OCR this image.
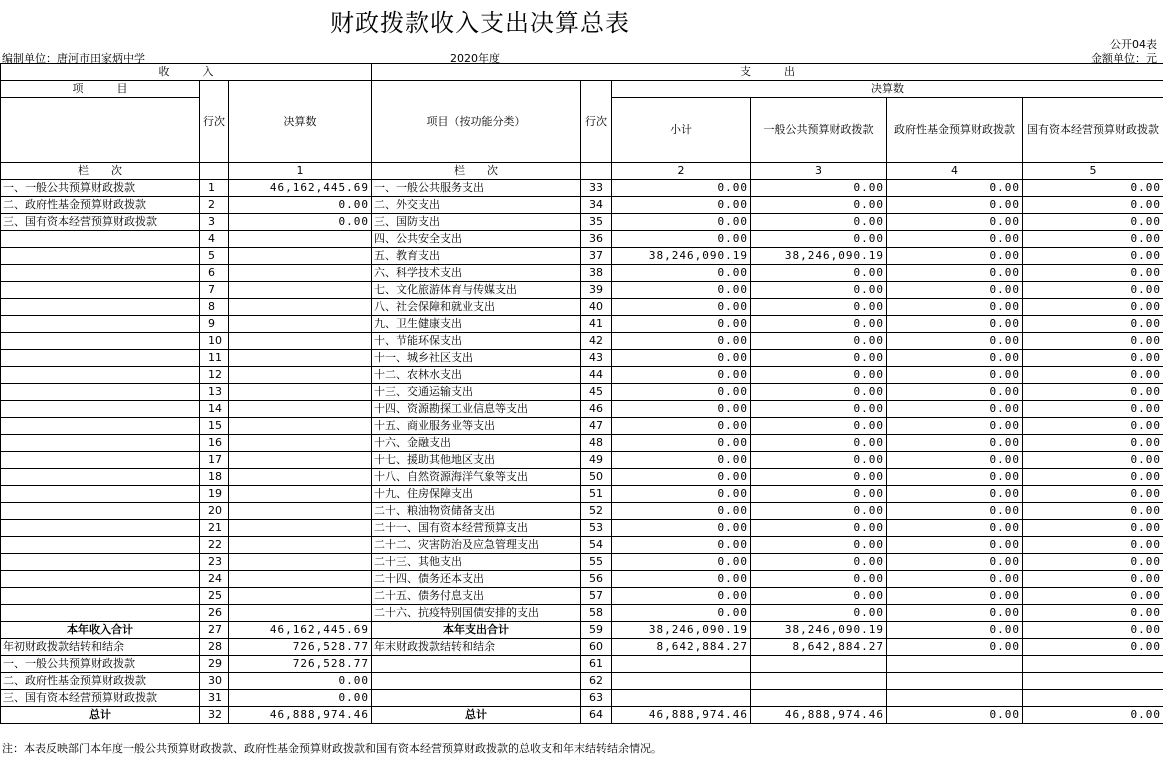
财政拨款收入支出决算总表
公开04表
编制单位：唐河市田家炳中学	2020年度	金额单位：元
收　　　入			支　　　出					
项　　　目	行次	决算数	项目（按功能分类）	行次	决算数			
					小计	一般公共预算财政拨款	政府性基金预算财政拨款	国有资本经营预算财政拨款
栏　　次		1	栏　　次		2	3	4	5
一、一般公共预算财政拨款	1	46,162,445.69	一、一般公共服务支出	33	0.00	0.00	0.00	0.00
二、政府性基金预算财政拨款	2	0.00	二、外交支出	34	0.00	0.00	0.00	0.00
三、国有资本经营预算财政拨款	3	0.00	三、国防支出	35	0.00	0.00	0.00	0.00
	4		四、公共安全支出	36	0.00	0.00	0.00	0.00
	5		五、教育支出	37	38,246,090.19	38,246,090.19	0.00	0.00
	6		六、科学技术支出	38	0.00	0.00	0.00	0.00
	7		七、文化旅游体育与传媒支出	39	0.00	0.00	0.00	0.00
	8		八、社会保障和就业支出	40	0.00	0.00	0.00	0.00
	9		九、卫生健康支出	41	0.00	0.00	0.00	0.00
	10		十、节能环保支出	42	0.00	0.00	0.00	0.00
	11		十一、城乡社区支出	43	0.00	0.00	0.00	0.00
	12		十二、农林水支出	44	0.00	0.00	0.00	0.00
	13		十三、交通运输支出	45	0.00	0.00	0.00	0.00
	14		十四、资源勘探工业信息等支出	46	0.00	0.00	0.00	0.00
	15		十五、商业服务业等支出	47	0.00	0.00	0.00	0.00
	16		十六、金融支出	48	0.00	0.00	0.00	0.00
	17		十七、援助其他地区支出	49	0.00	0.00	0.00	0.00
	18		十八、自然资源海洋气象等支出	50	0.00	0.00	0.00	0.00
	19		十九、住房保障支出	51	0.00	0.00	0.00	0.00
	20		二十、粮油物资储备支出	52	0.00	0.00	0.00	0.00
	21		二十一、国有资本经营预算支出	53	0.00	0.00	0.00	0.00
	22		二十二、灾害防治及应急管理支出	54	0.00	0.00	0.00	0.00
	23		二十三、其他支出	55	0.00	0.00	0.00	0.00
	24		二十四、债务还本支出	56	0.00	0.00	0.00	0.00
	25		二十五、债务付息支出	57	0.00	0.00	0.00	0.00
	26		二十六、抗疫特别国债安排的支出	58	0.00	0.00	0.00	0.00
本年收入合计	27	46,162,445.69	本年支出合计	59	38,246,090.19	38,246,090.19	0.00	0.00
年初财政拨款结转和结余	28	726,528.77	年末财政拨款结转和结余	60	8,642,884.27	8,642,884.27	0.00	0.00
一、一般公共预算财政拨款	29	726,528.77		61				
二、政府性基金预算财政拨款	30	0.00		62				
三、国有资本经营预算财政拨款	31	0.00		63				
总计	32	46,888,974.46	总计	64	46,888,974.46	46,888,974.46	0.00	0.00
注：本表反映部门本年度一般公共预算财政拨款、政府性基金预算财政拨款和国有资本经营预算财政拨款的总收支和年末结转结余情况。
